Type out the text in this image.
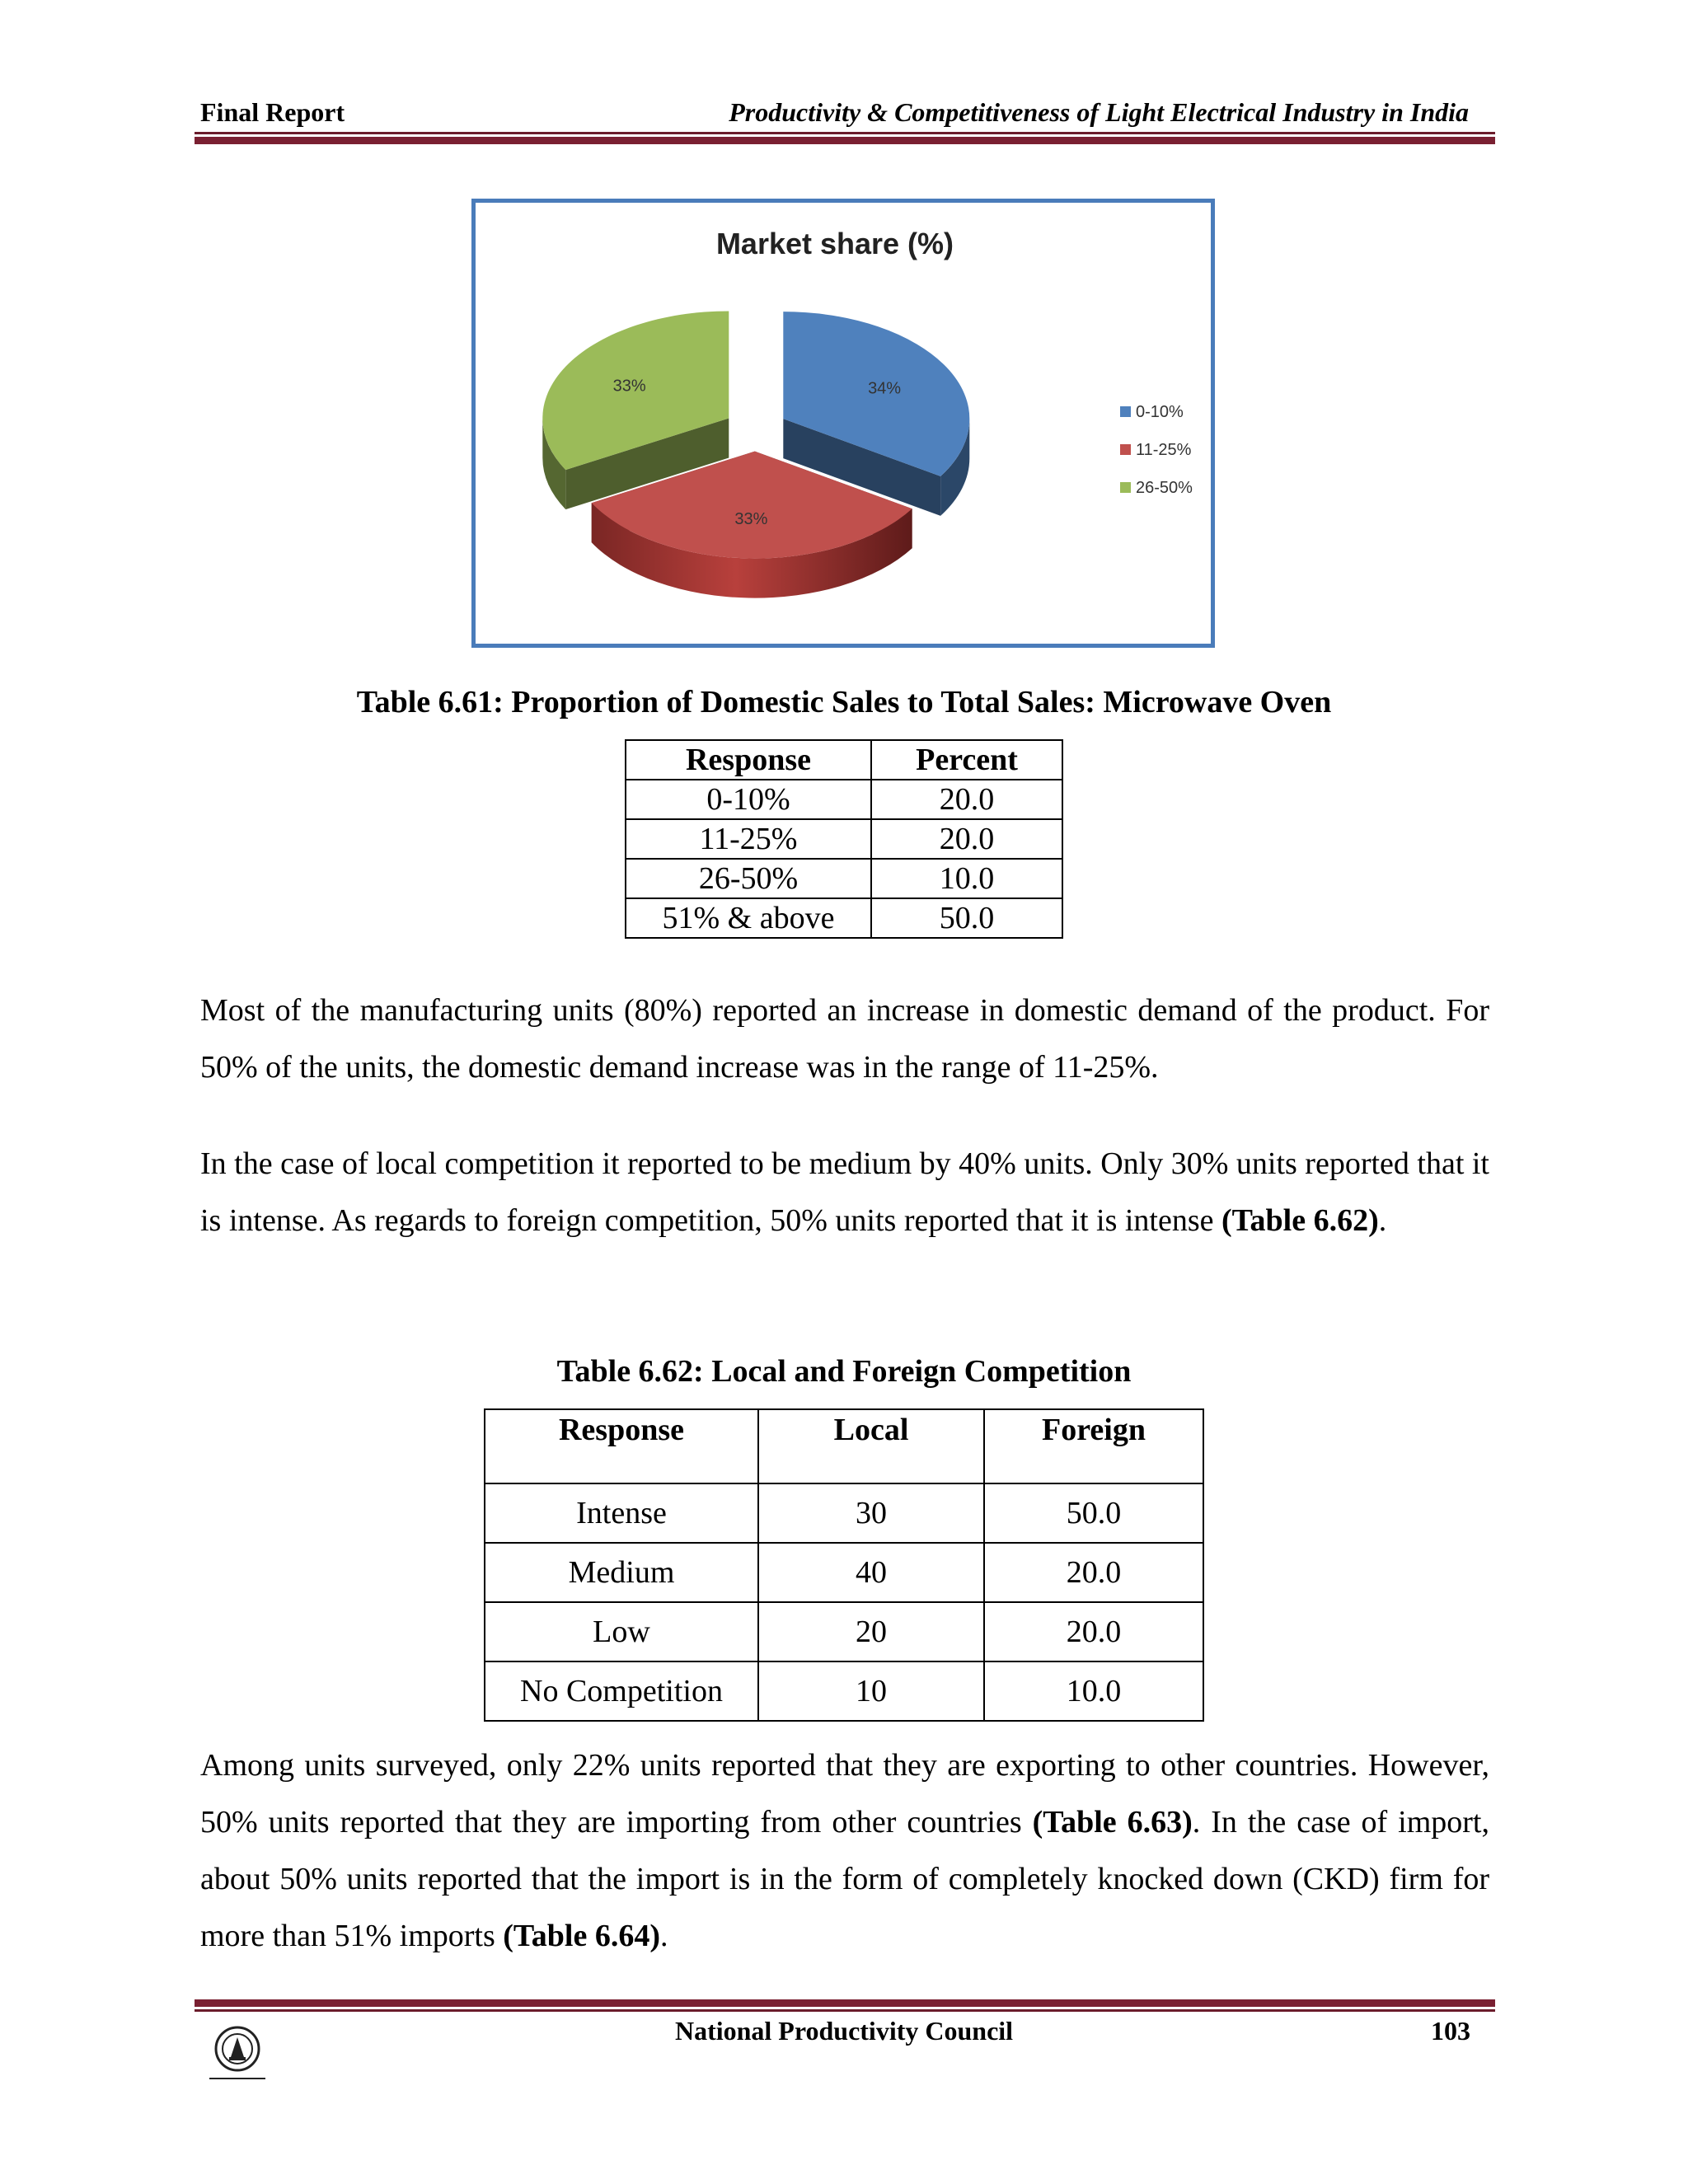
Final Report	Productivity & Competitiveness of Light Electrical Industry in India
Market share (%)
33%	34%
33%
0-10%
11-25%
26-50%
Table 6.61: Proportion of Domestic Sales to Total Sales: Microwave Oven
Response	Percent
0-10%	20.0
11-25%	20.0
26-50%	10.0
51% & above	50.0
Most of the manufacturing units (80%) reported an increase in domestic demand of the product. For 50% of the units, the domestic demand increase was in the range of 11-25%.
In the case of local competition it reported to be medium by 40% units. Only 30% units reported that it is intense. As regards to foreign competition, 50% units reported that it is intense (Table 6.62).
Table 6.62: Local and Foreign Competition
Response	Local	Foreign
Intense	30	50.0
Medium	40	20.0
Low	20	20.0
No Competition	10	10.0
Among units surveyed, only 22% units reported that they are exporting to other countries. However, 50% units reported that they are importing from other countries (Table 6.63). In the case of import, about 50% units reported that the import is in the form of completely knocked down (CKD) firm for more than 51% imports (Table 6.64).
National Productivity Council	103
